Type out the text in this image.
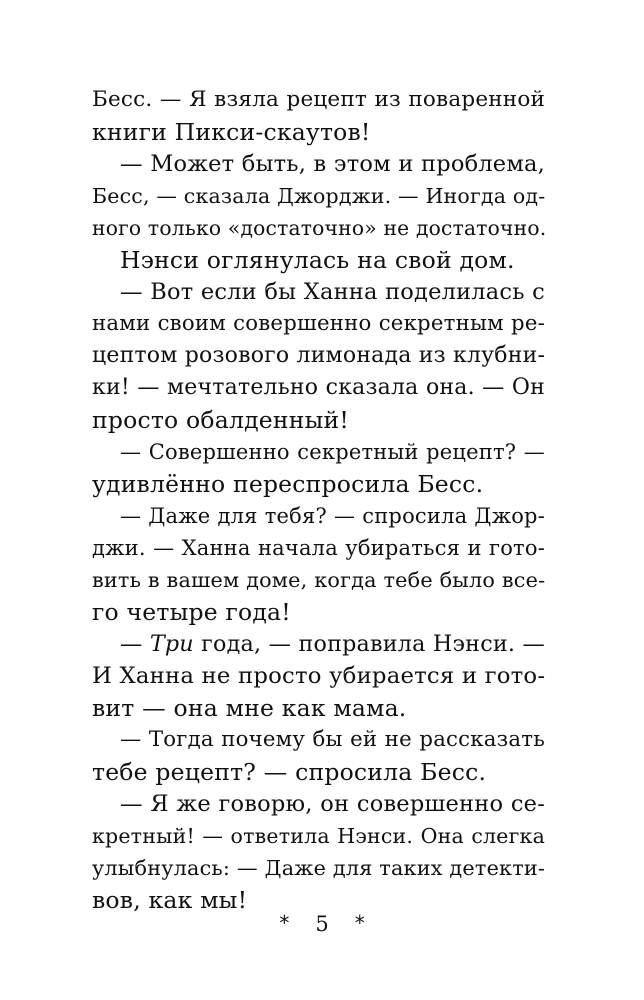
Бесс. — Я взяла рецепт из поваренной
книги Пикси-скаутов!
— Может быть, в этом и проблема,
Бесс, — сказала Джорджи. — Иногда од-
ного только «достаточно» не достаточно.
Нэнси оглянулась на свой дом.
— Вот если бы Ханна поделилась с
нами своим совершенно секретным ре-
цептом розового лимонада из клубни-
ки! — мечтательно сказала она. — Он
просто обалденный!
— Совершенно секретный рецепт? —
удивлённо переспросила Бесс.
— Даже для тебя? — спросила Джор-
джи. — Ханна начала убираться и гото-
вить в вашем доме, когда тебе было все-
го четыре года!
— Три года, — поправила Нэнси. —
И Ханна не просто убирается и гото-
вит — она мне как мама.
— Тогда почему бы ей не рассказать
тебе рецепт? — спросила Бесс.
— Я же говорю, он совершенно се-
кретный! — ответила Нэнси. Она слегка
улыбнулась: — Даже для таких детекти-
вов, как мы!
* 5 *
